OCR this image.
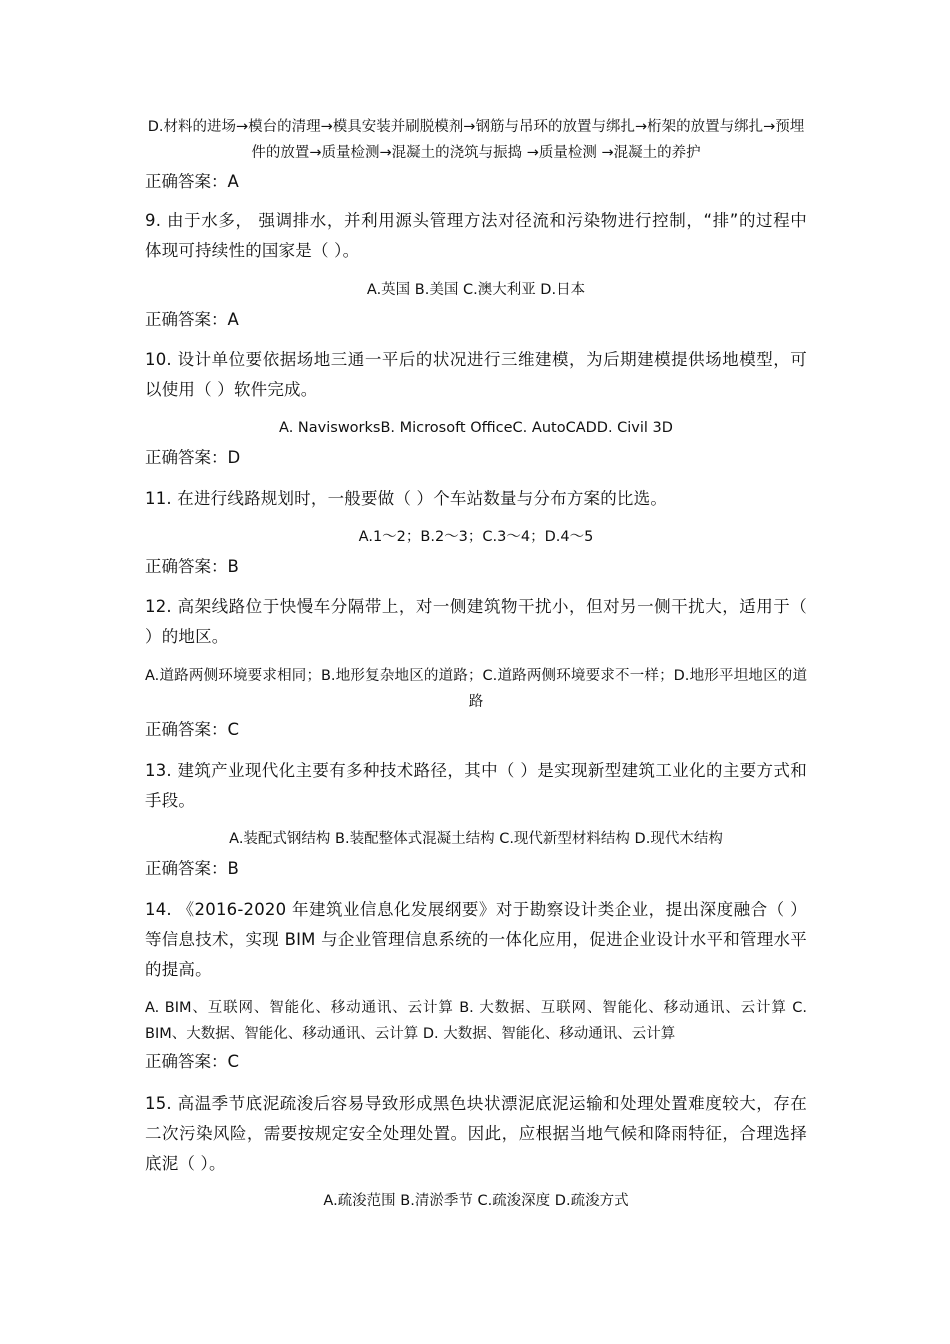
D.材料的进场→模台的清理→模具安装并刷脱模剂→钢筋与吊环的放置与绑扎→桁架的放置与绑扎→预埋件的放置→质量检测→混凝土的浇筑与振捣 →质量检测 →混凝土的养护

正确答案：A

9. 由于水多， 强调排水，并利用源头管理方法对径流和污染物进行控制，“排”的过程中体现可持续性的国家是（ ）。

A.英国 B.美国 C.澳大利亚 D.日本

正确答案：A

10. 设计单位要依据场地三通一平后的状况进行三维建模，为后期建模提供场地模型，可以使用（ ）软件完成。

A. NavisworksB. Microsoft OfficeC. AutoCADD. Civil 3D

正确答案：D

11. 在进行线路规划时，一般要做（ ）个车站数量与分布方案的比选。

A.1～2；B.2～3；C.3～4；D.4～5

正确答案：B

12. 高架线路位于快慢车分隔带上，对一侧建筑物干扰小，但对另一侧干扰大，适用于（ ）的地区。

A.道路两侧环境要求相同；B.地形复杂地区的道路；C.道路两侧环境要求不一样；D.地形平坦地区的道路

正确答案：C

13. 建筑产业现代化主要有多种技术路径，其中（ ）是实现新型建筑工业化的主要方式和手段。

A.装配式钢结构 B.装配整体式混凝土结构 C.现代新型材料结构 D.现代木结构

正确答案：B

14. 《2016-2020 年建筑业信息化发展纲要》对于勘察设计类企业，提出深度融合（ ）等信息技术，实现 BIM 与企业管理信息系统的一体化应用，促进企业设计水平和管理水平的提高。

A. BIM、互联网、智能化、移动通讯、云计算 B. 大数据、互联网、智能化、移动通讯、云计算 C. BIM、大数据、智能化、移动通讯、云计算 D. 大数据、智能化、移动通讯、云计算

正确答案：C

15. 高温季节底泥疏浚后容易导致形成黑色块状漂泥底泥运输和处理处置难度较大，存在二次污染风险，需要按规定安全处理处置。因此，应根据当地气候和降雨特征，合理选择底泥（ ）。

A.疏浚范围 B.清淤季节 C.疏浚深度 D.疏浚方式
